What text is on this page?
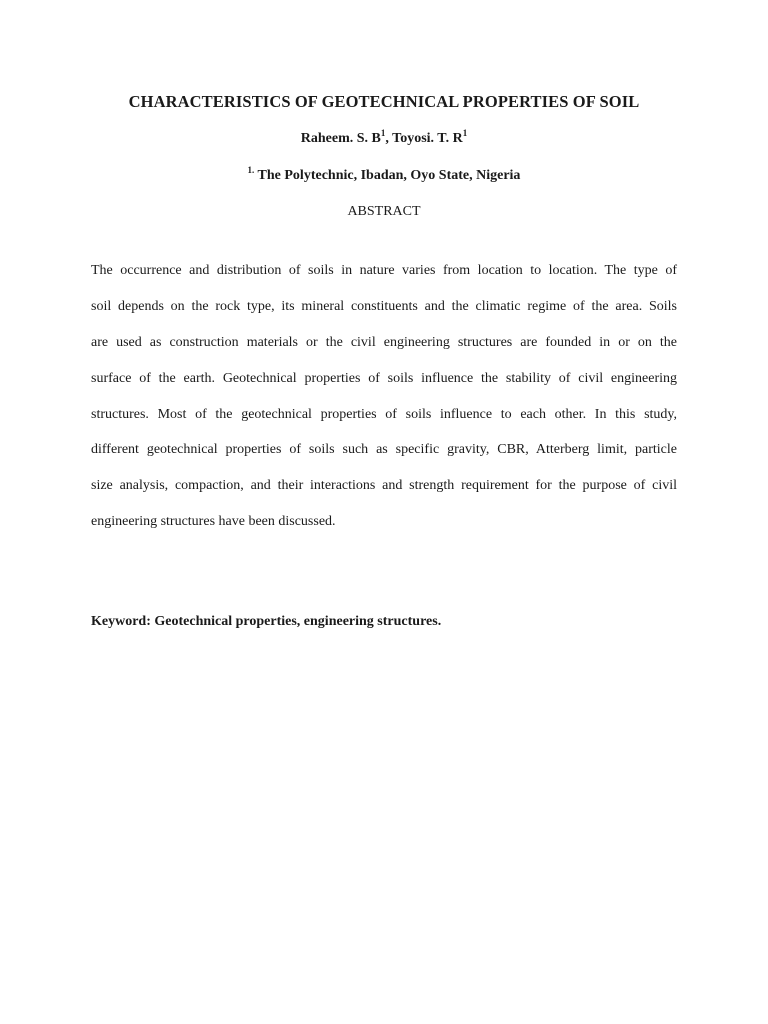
CHARACTERISTICS OF GEOTECHNICAL PROPERTIES OF SOIL
Raheem. S. $B^1$, Toyosi. T. $R^1$
$^{1.}$ The Polytechnic, Ibadan, Oyo State, Nigeria
ABSTRACT
The occurrence and distribution of soils in nature varies from location to location. The type of
soil depends on the rock type, its mineral constituents and the climatic regime of the area. Soils
are used as construction materials or the civil engineering structures are founded in or on the
surface of the earth. Geotechnical properties of soils influence the stability of civil engineering
structures. Most of the geotechnical properties of soils influence to each other. In this study,
different geotechnical properties of soils such as specific gravity, CBR, Atterberg limit, particle
size analysis, compaction, and their interactions and strength requirement for the purpose of civil
engineering structures have been discussed.
Keyword: Geotechnical properties, engineering structures.
